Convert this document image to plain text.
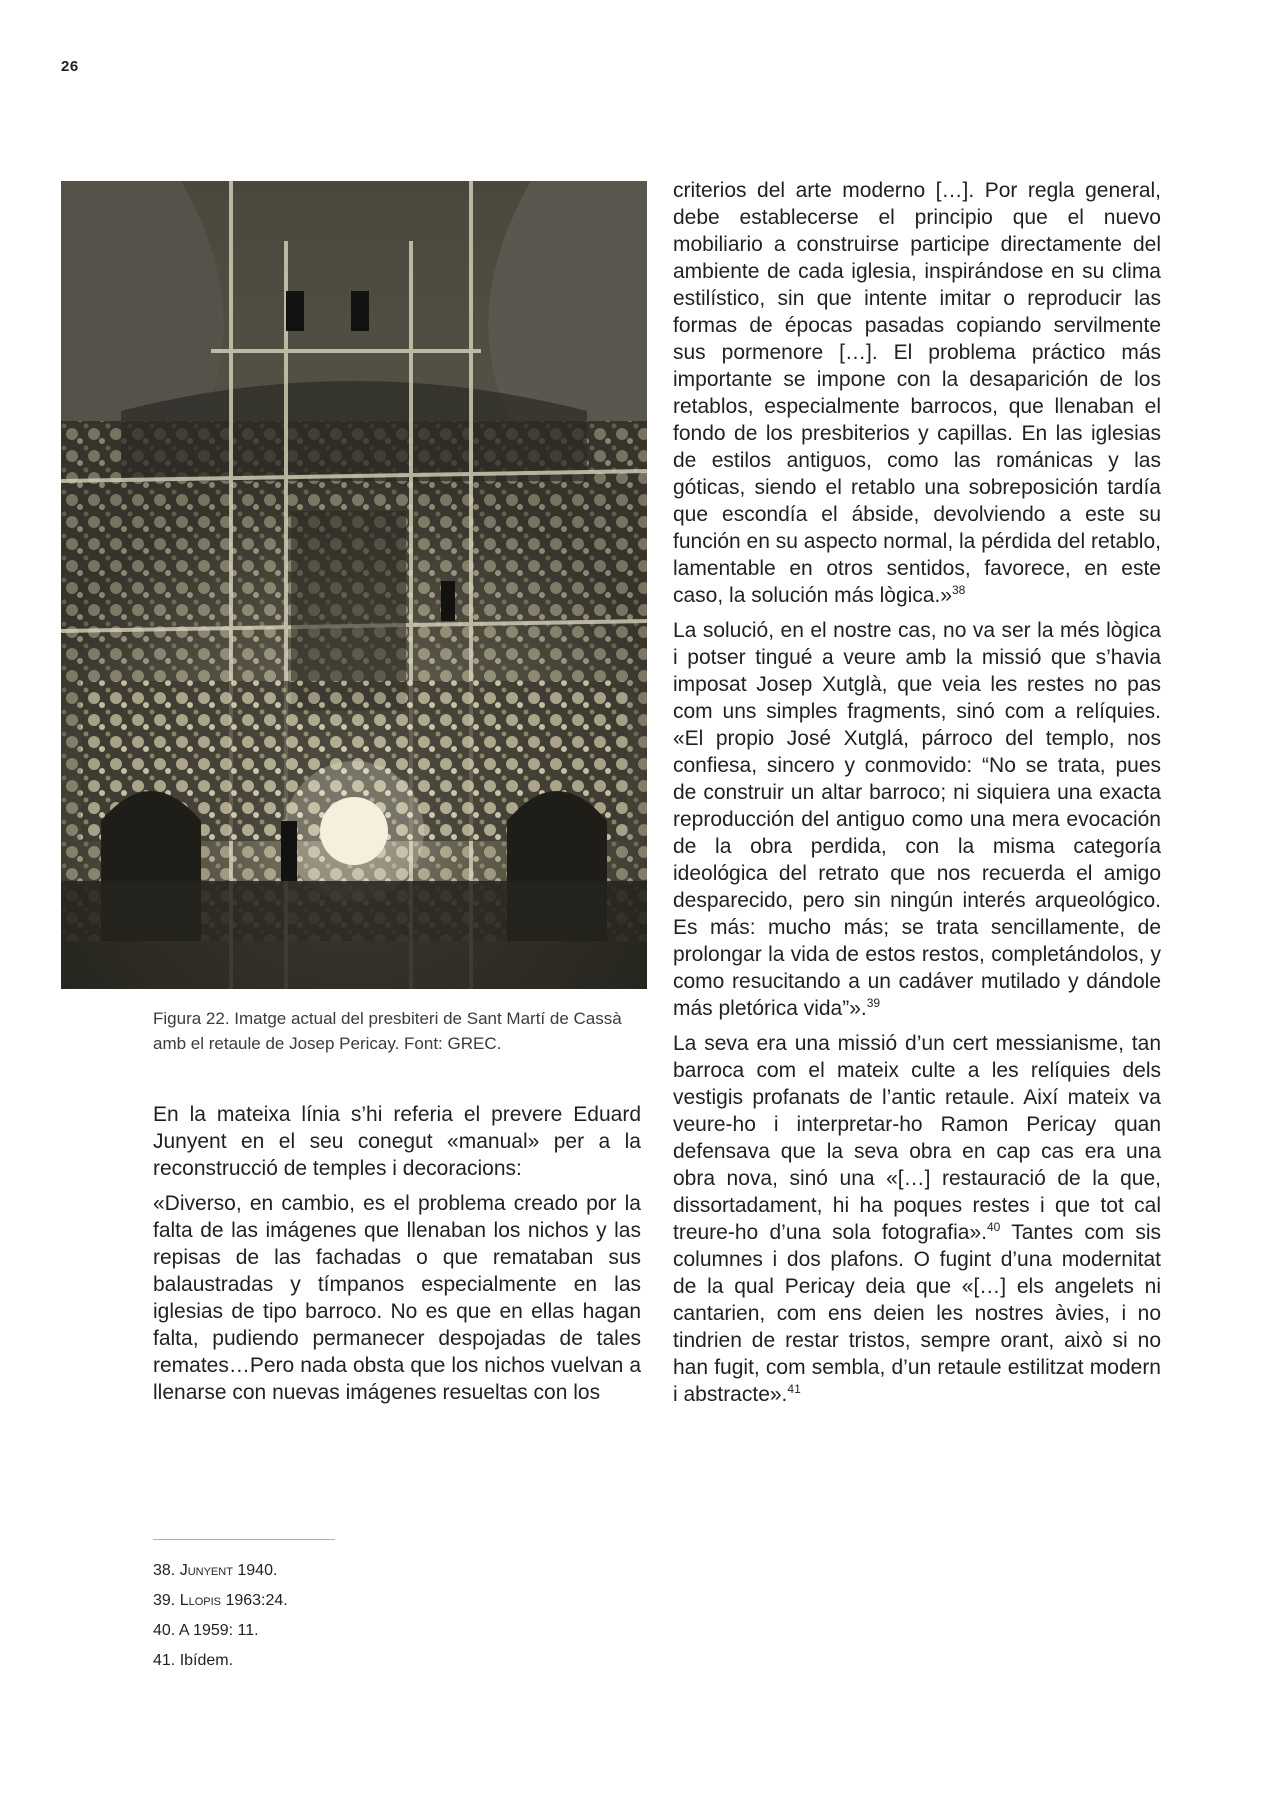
26
Figura 22. Imatge actual del presbiteri de Sant Martí de Cassà amb el retaule de Josep Pericay. Font: GREC.

En la mateixa línia s’hi referia el prevere Eduard Junyent en el seu conegut «manual» per a la reconstrucció de temples i decoracions:

«Diverso, en cambio, es el problema creado por la falta de las imágenes que llenaban los nichos y las repisas de las fachadas o que remataban sus balaustradas y tímpanos especialmente en las iglesias de tipo barroco. No es que en ellas hagan falta, pudiendo permanecer despojadas de tales remates…Pero nada obsta que los nichos vuelvan a llenarse con nuevas imágenes resueltas con los

criterios del arte moderno […]. Por regla general, debe establecerse el principio que el nuevo mobiliario a construirse participe directamente del ambiente de cada iglesia, inspirándose en su clima estilístico, sin que intente imitar o reproducir las formas de épocas pasadas copiando servilmente sus pormenore […]. El problema práctico más importante se impone con la desaparición de los retablos, especialmente barrocos, que llenaban el fondo de los presbiterios y capillas. En las iglesias de estilos antiguos, como las románicas y las góticas, siendo el retablo una sobreposición tardía que escondía el ábside, devolviendo a este su función en su aspecto normal, la pérdida del retablo, lamentable en otros sentidos, favorece, en este caso, la solución más lògica.»$^{38}$

La solució, en el nostre cas, no va ser la més lògica i potser tingué a veure amb la missió que s’havia imposat Josep Xutglà, que veia les restes no pas com uns simples fragments, sinó com a relíquies. «El propio José Xutglá, párroco del templo, nos confiesa, sincero y conmovido: “No se trata, pues de construir un altar barroco; ni siquiera una exacta reproducción del antiguo como una mera evocación de la obra perdida, con la misma categoría ideológica del retrato que nos recuerda el amigo desparecido, pero sin ningún interés arqueológico. Es más: mucho más; se trata sencillamente, de prolongar la vida de estos restos, completándolos, y como resucitando a un cadáver mutilado y dándole más pletórica vida”».$^{39}$

La seva era una missió d’un cert messianisme, tan barroca com el mateix culte a les relíquies dels vestigis profanats de l’antic retaule. Així mateix va veure-ho i interpretar-ho Ramon Pericay quan defensava que la seva obra en cap cas era una obra nova, sinó una «[…] restauració de la que, dissortadament, hi ha poques restes i que tot cal treure-ho d’una sola fotografia».$^{40}$ Tantes com sis columnes i dos plafons. O fugint d’una modernitat de la qual Pericay deia que «[…] els angelets ni cantarien, com ens deien les nostres àvies, i no tindrien de restar tristos, sempre orant, això si no han fugit, com sembla, d’un retaule estilitzat modern i abstracte».$^{41}$

38. Junyent 1940.
39. Llopis 1963:24.
40. A 1959: 11.
41. Ibídem.
